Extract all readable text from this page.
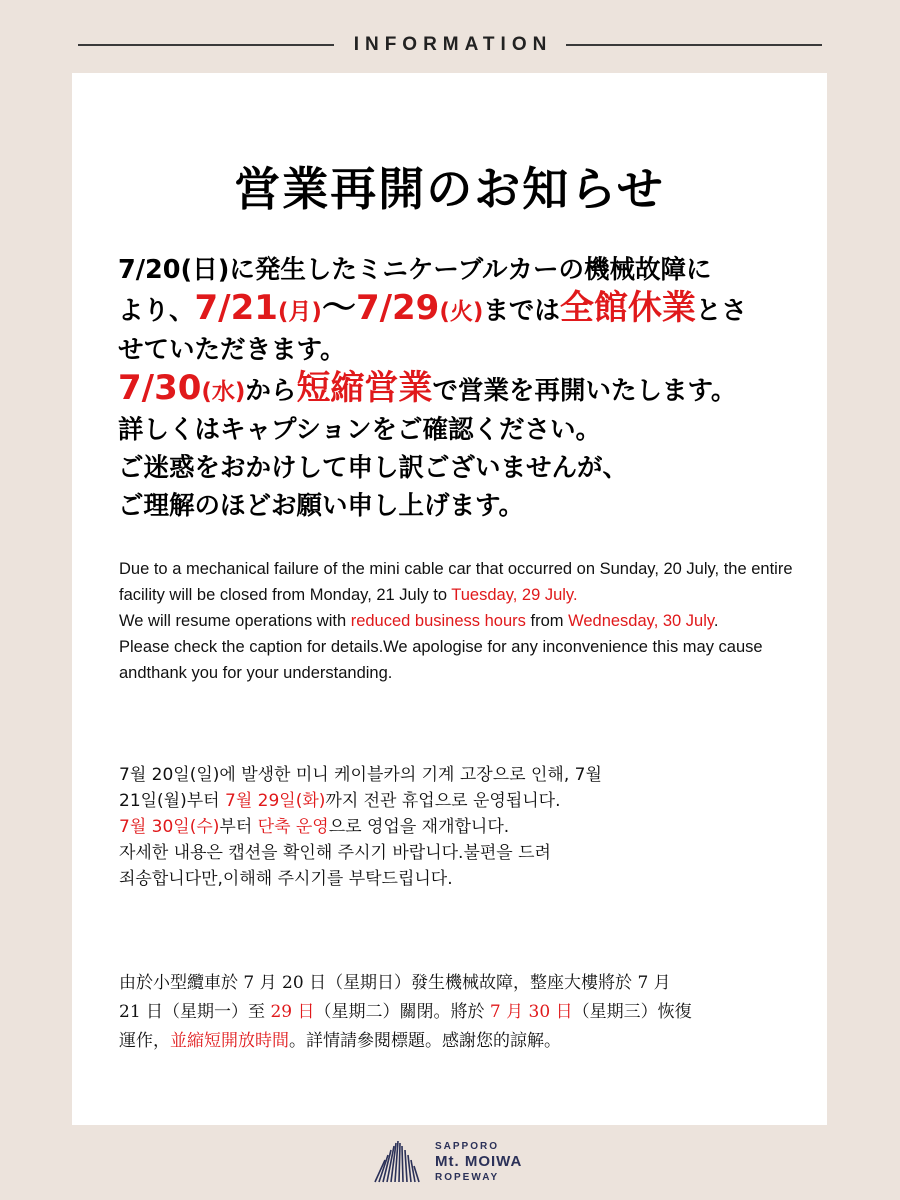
INFORMATION
営業再開のお知らせ
7/20(日)に発生したミニケーブルカーの機械故障に
より、7/21(月)〜7/29(火)までは全館休業とさ
せていただきます。
7/30(水)から短縮営業で営業を再開いたします。
詳しくはキャプションをご確認ください。
ご迷惑をおかけして申し訳ございませんが、
ご理解のほどお願い申し上げます。
Due to a mechanical failure of the mini cable car that occurred on Sunday, 20 July, the entire facility will be closed from Monday, 21 July to Tuesday, 29 July.
We will resume operations with reduced business hours from Wednesday, 30 July.
Please check the caption for details.We apologise for any inconvenience this may cause andthank you for your understanding.
7월 20일(일)에 발생한 미니 케이블카의 기계 고장으로 인해, 7월
21일(월)부터 7월 29일(화)까지 전관 휴업으로 운영됩니다.
7월 30일(수)부터 단축 운영으로 영업을 재개합니다.
자세한 내용은 캡션을 확인해 주시기 바랍니다.불편을 드려
죄송합니다만,이해해 주시기를 부탁드립니다.
由於小型纜車於 7 月 20 日（星期日）發生機械故障，整座大樓將於 7 月
21 日（星期一）至 29 日（星期二）關閉。將於 7 月 30 日（星期三）恢復
運作，並縮短開放時間。詳情請參閱標題。感謝您的諒解。
SAPPORO
Mt. MOIWA
ROPEWAY
